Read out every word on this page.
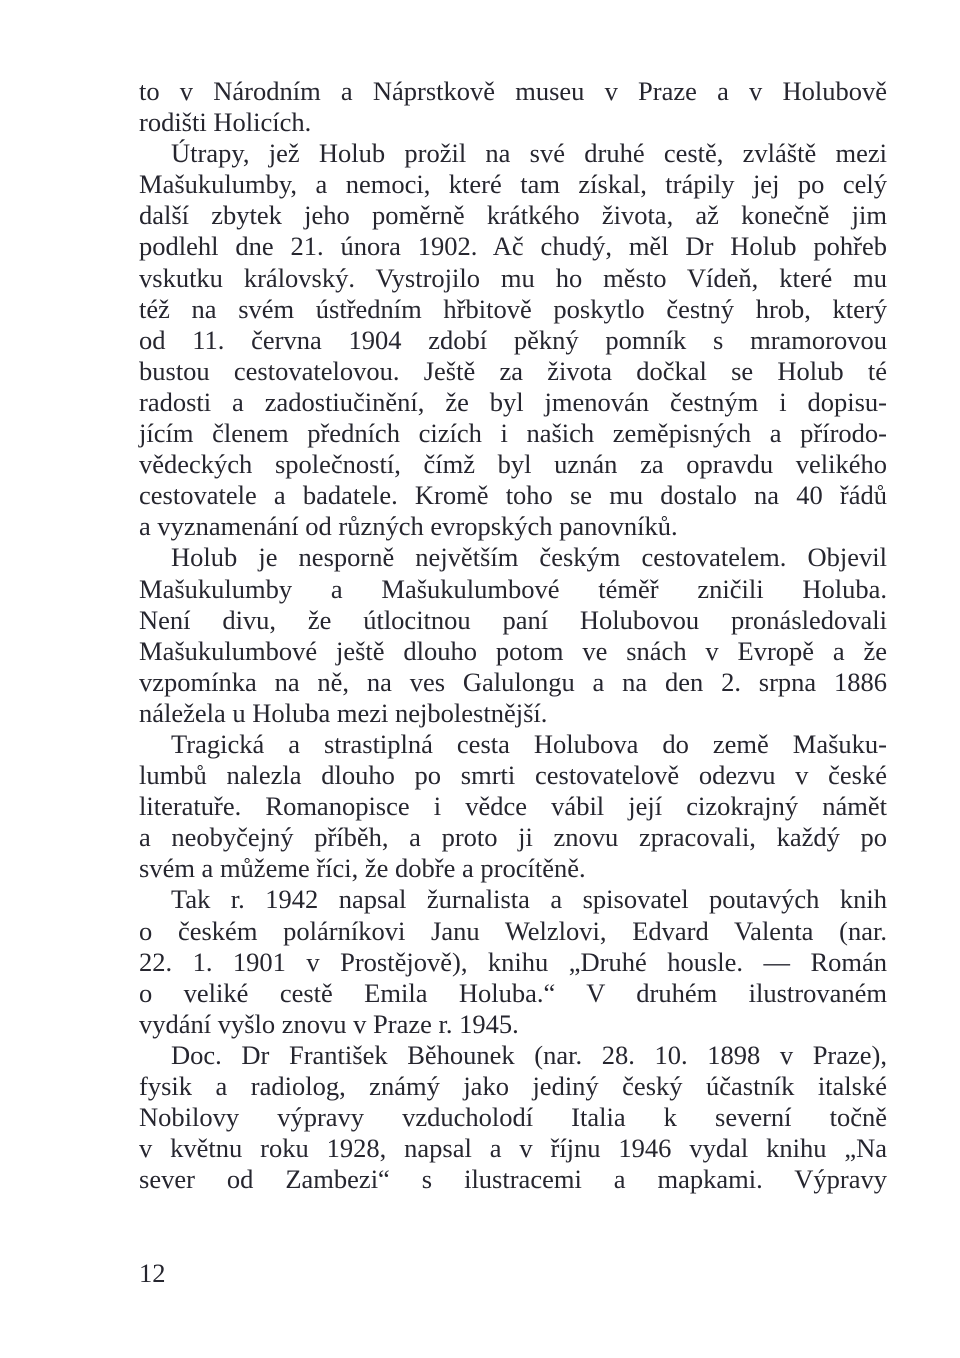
to v Národním a Náprstkově museu v Praze a v Holubově
rodišti Holicích.
Útrapy, jež Holub prožil na své druhé cestě, zvláště mezi
Mašukulumby, a nemoci, které tam získal, trápily jej po celý
další zbytek jeho poměrně krátkého života, až konečně jim
podlehl dne 21. února 1902. Ač chudý, měl Dr Holub pohřeb
vskutku královský. Vystrojilo mu ho město Vídeň, které mu
též na svém ústředním hřbitově poskytlo čestný hrob, který
od 11. června 1904 zdobí pěkný pomník s mramorovou
bustou cestovatelovou. Ještě za života dočkal se Holub té
radosti a zadostiučinění, že byl jmenován čestným i dopisu-
jícím členem předních cizích i našich zeměpisných a přírodo-
vědeckých společností, čímž byl uznán za opravdu velikého
cestovatele a badatele. Kromě toho se mu dostalo na 40 řádů
a vyznamenání od různých evropských panovníků.
Holub je nesporně největším českým cestovatelem. Objevil
Mašukulumby a Mašukulumbové téměř zničili Holuba.
Není divu, že útlocitnou paní Holubovou pronásledovali
Mašukulumbové ještě dlouho potom ve snách v Evropě a že
vzpomínka na ně, na ves Galulongu a na den 2. srpna 1886
náležela u Holuba mezi nejbolestnější.
Tragická a strastiplná cesta Holubova do země Mašuku-
lumbů nalezla dlouho po smrti cestovatelově odezvu v české
literatuře. Romanopisce i vědce vábil její cizokrajný námět
a neobyčejný příběh, a proto ji znovu zpracovali, každý po
svém a můžeme říci, že dobře a procítěně.
Tak r. 1942 napsal žurnalista a spisovatel poutavých knih
o českém polárníkovi Janu Welzlovi, Edvard Valenta (nar.
22. 1. 1901 v Prostějově), knihu „Druhé housle. — Román
o veliké cestě Emila Holuba.“ V druhém ilustrovaném
vydání vyšlo znovu v Praze r. 1945.
Doc. Dr František Běhounek (nar. 28. 10. 1898 v Praze),
fysik a radiolog, známý jako jediný český účastník italské
Nobilovy výpravy vzducholodí Italia k severní točně
v květnu roku 1928, napsal a v říjnu 1946 vydal knihu „Na
sever od Zambezi“ s ilustracemi a mapkami. Výpravy
12
